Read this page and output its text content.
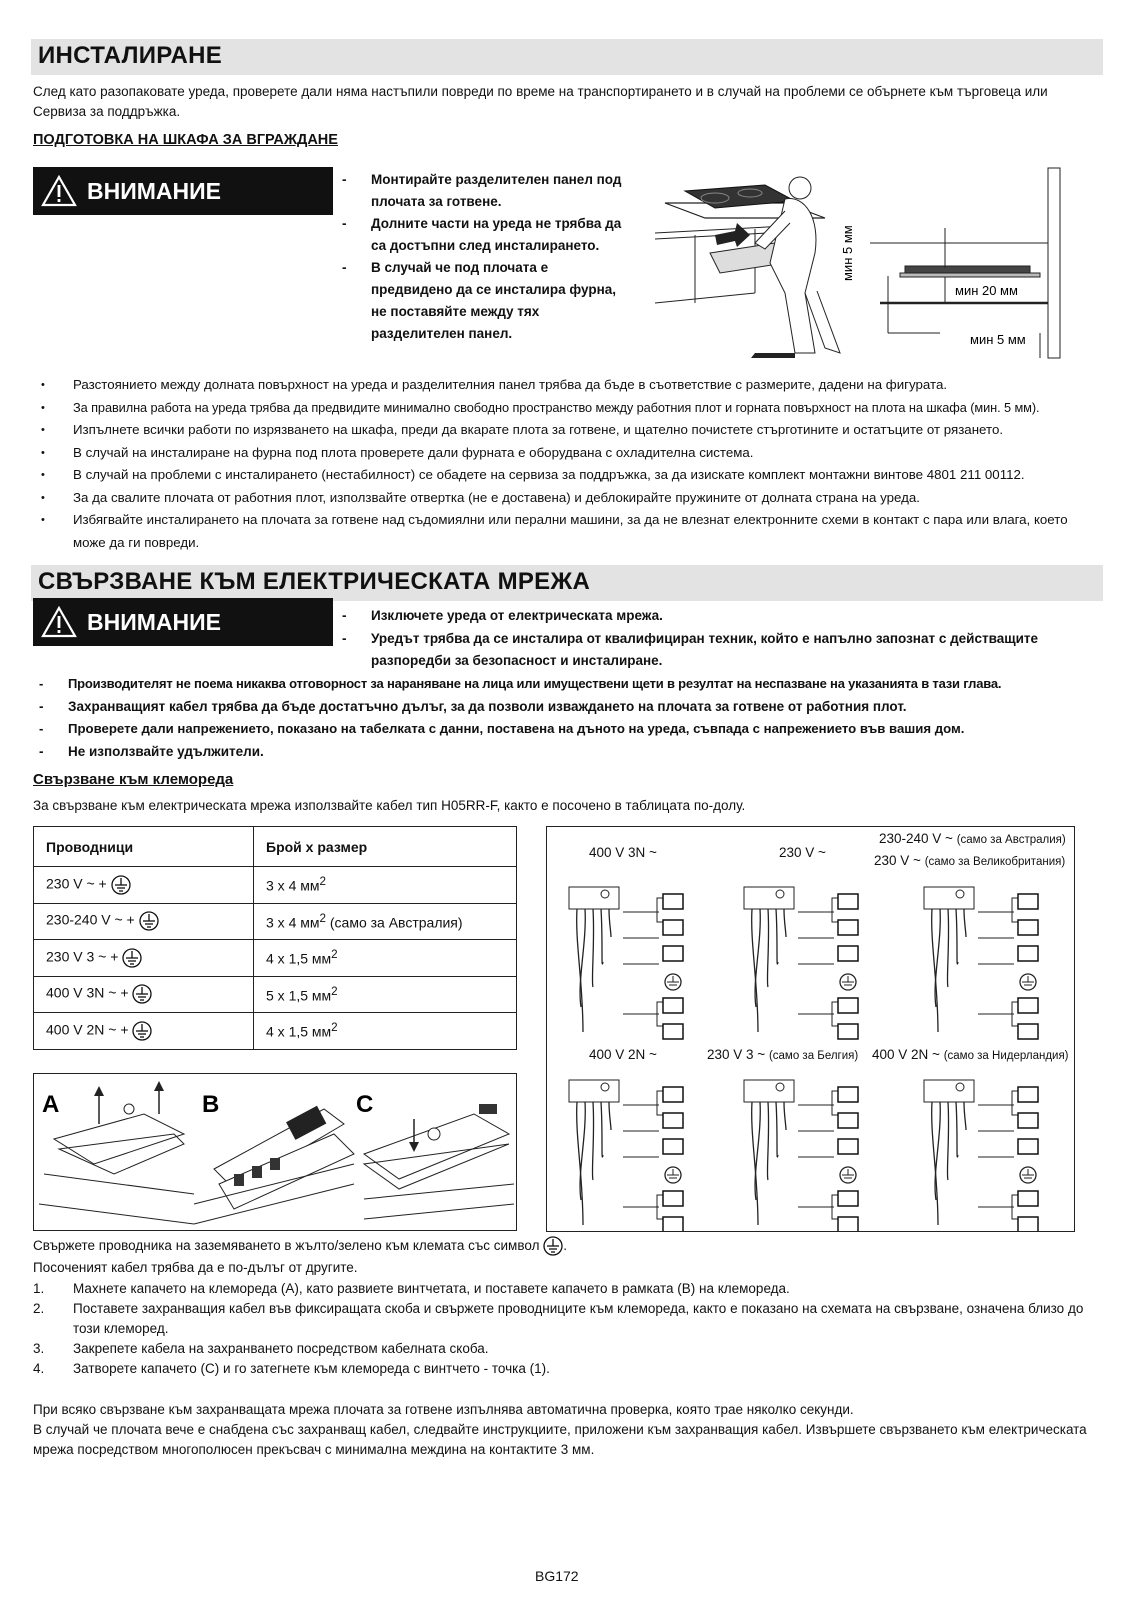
ИНСТАЛИРАНЕ
След като разопаковате уреда, проверете дали няма настъпили повреди по време на транспортирането и в случай на проблеми се обърнете към търговеца или Сервиза за поддръжка.
ПОДГОТОВКА НА ШКАФА ЗА ВГРАЖДАНЕ
ВНИМАНИЕ	- Монтирайте разделителен панел под плочата за готвене.
- Долните части на уреда не трябва да са достъпни след инсталирането.
- В случай че под плочата е предвидено да се инсталира фурна, не поставяйте между тях разделителен панел.
мин 5 мм
мин 20 мм
мин 5 мм
• Разстоянието между долната повърхност на уреда и разделителния панел трябва да бъде в съответствие с размерите, дадени на фигурата.
• За правилна работа на уреда трябва да предвидите минимално свободно пространство между работния плот и горната повърхност на плота на шкафа (мин. 5 мм).
• Изпълнете всички работи по изрязването на шкафа, преди да вкарате плота за готвене, и щателно почистете стърготините и остатъците от рязането.
• В случай на инсталиране на фурна под плота проверете дали фурната е оборудвана с охладителна система.
• В случай на проблеми с инсталирането (нестабилност) се обадете на сервиза за поддръжка, за да изискате комплект монтажни винтове 4801 211 00112.
• За да свалите плочата от работния плот, използвайте отвертка (не е доставена) и деблокирайте пружините от долната страна на уреда.
• Избягвайте инсталирането на плочата за готвене над съдомиялни или перални машини, за да не влезнат електронните схеми в контакт с пара или влага, което може да ги повреди.
СВЪРЗВАНЕ КЪМ ЕЛЕКТРИЧЕСКАТА МРЕЖА
ВНИМАНИЕ	- Изключете уреда от електрическата мрежа.
- Уредът трябва да се инсталира от квалифициран техник, който е напълно запознат с действащите разпоредби за безопасност и инсталиране.
- Производителят не поема никаква отговорност за нараняване на лица или имуществени щети в резултат на неспазване на указанията в тази глава.
- Захранващият кабел трябва да бъде достатъчно дълъг, за да позволи изваждането на плочата за готвене от работния плот.
- Проверете дали напрежението, показано на табелката с данни, поставена на дъното на уреда, съвпада с напрежението във вашия дом.
- Не използвайте удължители.
Свързване към клемореда
За свързване към електрическата мрежа използвайте кабел тип H05RR-F, както е посочено в таблицата по-долу.
Проводници	Брой x размер
230 V ~ +	3 x 4 $мм^2$
230-240 V ~ +	3 x 4 $мм^2$ (само за Австралия)
230 V 3 ~ +	4 x 1,5 $мм^2$
400 V 3N ~ +	5 x 1,5 $мм^2$
400 V 2N ~ +	4 x 1,5 $мм^2$
A	B	C
400 V 3N ~	230 V ~
230-240 V ~ (само за Австралия)
230 V ~ (само за Великобритания)
400 V 2N ~	230 V 3 ~ (само за Белгия) 400 V 2N ~ (само за Нидерландия)
Свържете проводника на заземяването в жълто/зелено към клемата със символ .
Посоченият кабел трябва да е по-дълъг от другите.
1. Махнете капачето на клемореда (A), като развиете винтчетата, и поставете капачето в рамката (B) на клемореда.
2. Поставете захранващия кабел във фиксиращата скоба и свържете проводниците към клемореда, както е показано на схемата на свързване, означена близо до този клеморед.
3. Закрепете кабела на захранването посредством кабелната скоба.
4. Затворете капачето (C) и го затегнете към клемореда с винтчето - точка (1).
При всяко свързване към захранващата мрежа плочата за готвене изпълнява автоматична проверка, която трае няколко секунди.
В случай че плочата вече е снабдена със захранващ кабел, следвайте инструкциите, приложени към захранващия кабел. Извършете свързването към електрическата мрежа посредством многополюсен прекъсвач с минимална междина на контактите 3 мм.
BG172
